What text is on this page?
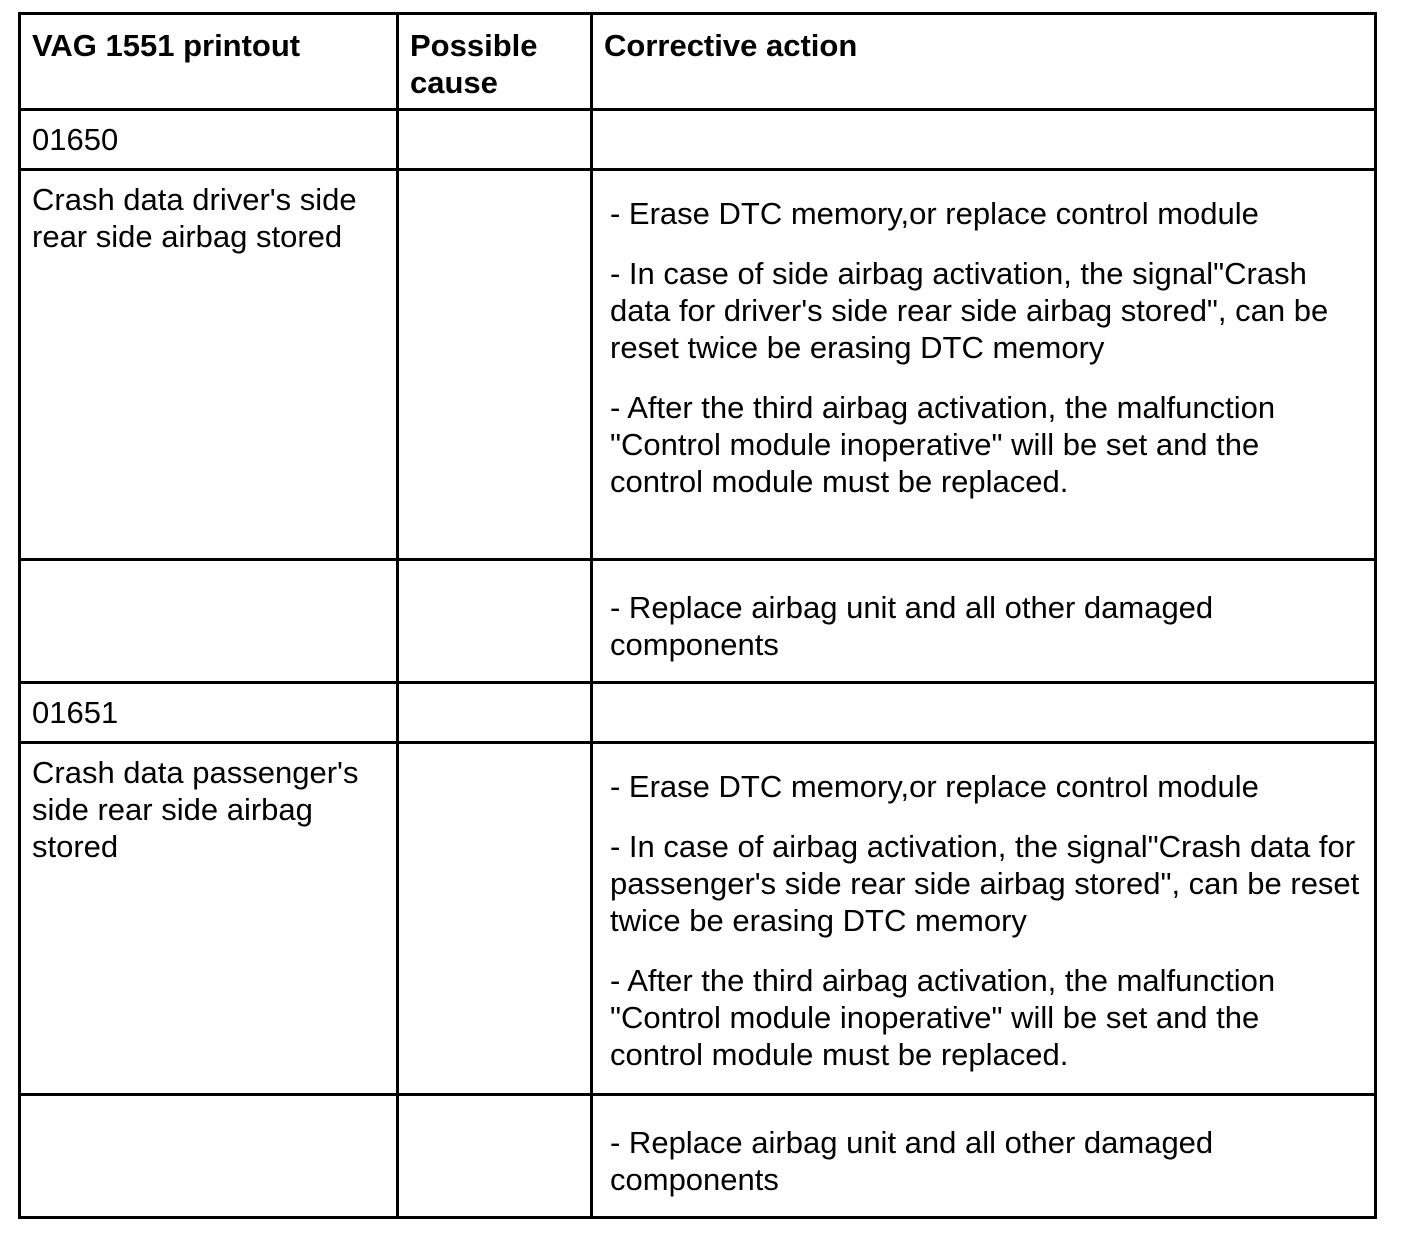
VAG 1551 printout	Possible cause	Corrective action
01650		
Crash data driver's side rear side airbag stored		- Erase DTC memory,or replace control module

- In case of side airbag activation, the signal"Crash data for driver's side rear side airbag stored", can be reset twice be erasing DTC memory

- After the third airbag activation, the malfunction "Control module inoperative" will be set and the control module must be replaced.

		- Replace airbag unit and all other damaged components
01651		
Crash data passenger's side rear side airbag stored		- Erase DTC memory,or replace control module

- In case of airbag activation, the signal"Crash data for passenger's side rear side airbag stored", can be reset twice be erasing DTC memory

- After the third airbag activation, the malfunction "Control module inoperative" will be set and the control module must be replaced.

		- Replace airbag unit and all other damaged components
